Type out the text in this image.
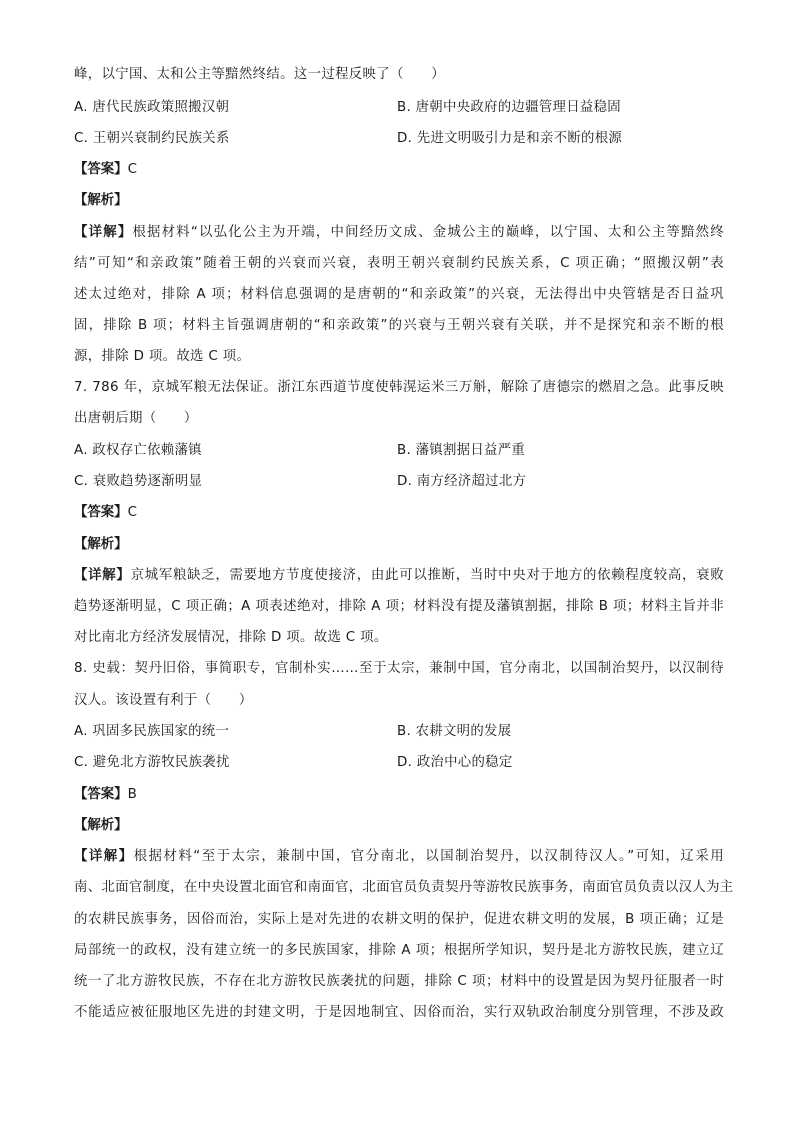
峰，以宁国、太和公主等黯然终结。这一过程反映了（　　）
A. 唐代民族政策照搬汉朝	B. 唐朝中央政府的边疆管理日益稳固
C. 王朝兴衰制约民族关系	D. 先进文明吸引力是和亲不断的根源
【答案】C
【解析】
【详解】根据材料“以弘化公主为开端，中间经历文成、金城公主的巅峰，以宁国、太和公主等黯然终
结”可知“和亲政策”随着王朝的兴衰而兴衰，表明王朝兴衰制约民族关系，C 项正确；“照搬汉朝”表
述太过绝对，排除 A 项；材料信息强调的是唐朝的“和亲政策”的兴衰，无法得出中央管辖是否日益巩
固，排除 B 项；材料主旨强调唐朝的“和亲政策”的兴衰与王朝兴衰有关联，并不是探究和亲不断的根
源，排除 D 项。故选 C 项。
7. 786 年，京城军粮无法保证。浙江东西道节度使韩滉运米三万斛，解除了唐德宗的燃眉之急。此事反映
出唐朝后期（　　）
A. 政权存亡依赖藩镇	B. 藩镇割据日益严重
C. 衰败趋势逐渐明显	D. 南方经济超过北方
【答案】C
【解析】
【详解】京城军粮缺乏，需要地方节度使接济，由此可以推断，当时中央对于地方的依赖程度较高，衰败
趋势逐渐明显，C 项正确；A 项表述绝对，排除 A 项；材料没有提及藩镇割据，排除 B 项；材料主旨并非
对比南北方经济发展情况，排除 D 项。故选 C 项。
8. 史载：契丹旧俗，事简职专，官制朴实……至于太宗，兼制中国，官分南北，以国制治契丹，以汉制待
汉人。该设置有利于（　　）
A. 巩固多民族国家的统一	B. 农耕文明的发展
C. 避免北方游牧民族袭扰	D. 政治中心的稳定
【答案】B
【解析】
【详解】根据材料“至于太宗，兼制中国，官分南北，以国制治契丹，以汉制待汉人。”可知，辽采用
南、北面官制度，在中央设置北面官和南面官，北面官员负责契丹等游牧民族事务，南面官员负责以汉人为主
的农耕民族事务，因俗而治，实际上是对先进的农耕文明的保护，促进农耕文明的发展，B 项正确；辽是
局部统一的政权，没有建立统一的多民族国家，排除 A 项；根据所学知识，契丹是北方游牧民族，建立辽
统一了北方游牧民族，不存在北方游牧民族袭扰的问题，排除 C 项；材料中的设置是因为契丹征服者一时
不能适应被征服地区先进的封建文明，于是因地制宜、因俗而治，实行双轨政治制度分别管理，不涉及政
